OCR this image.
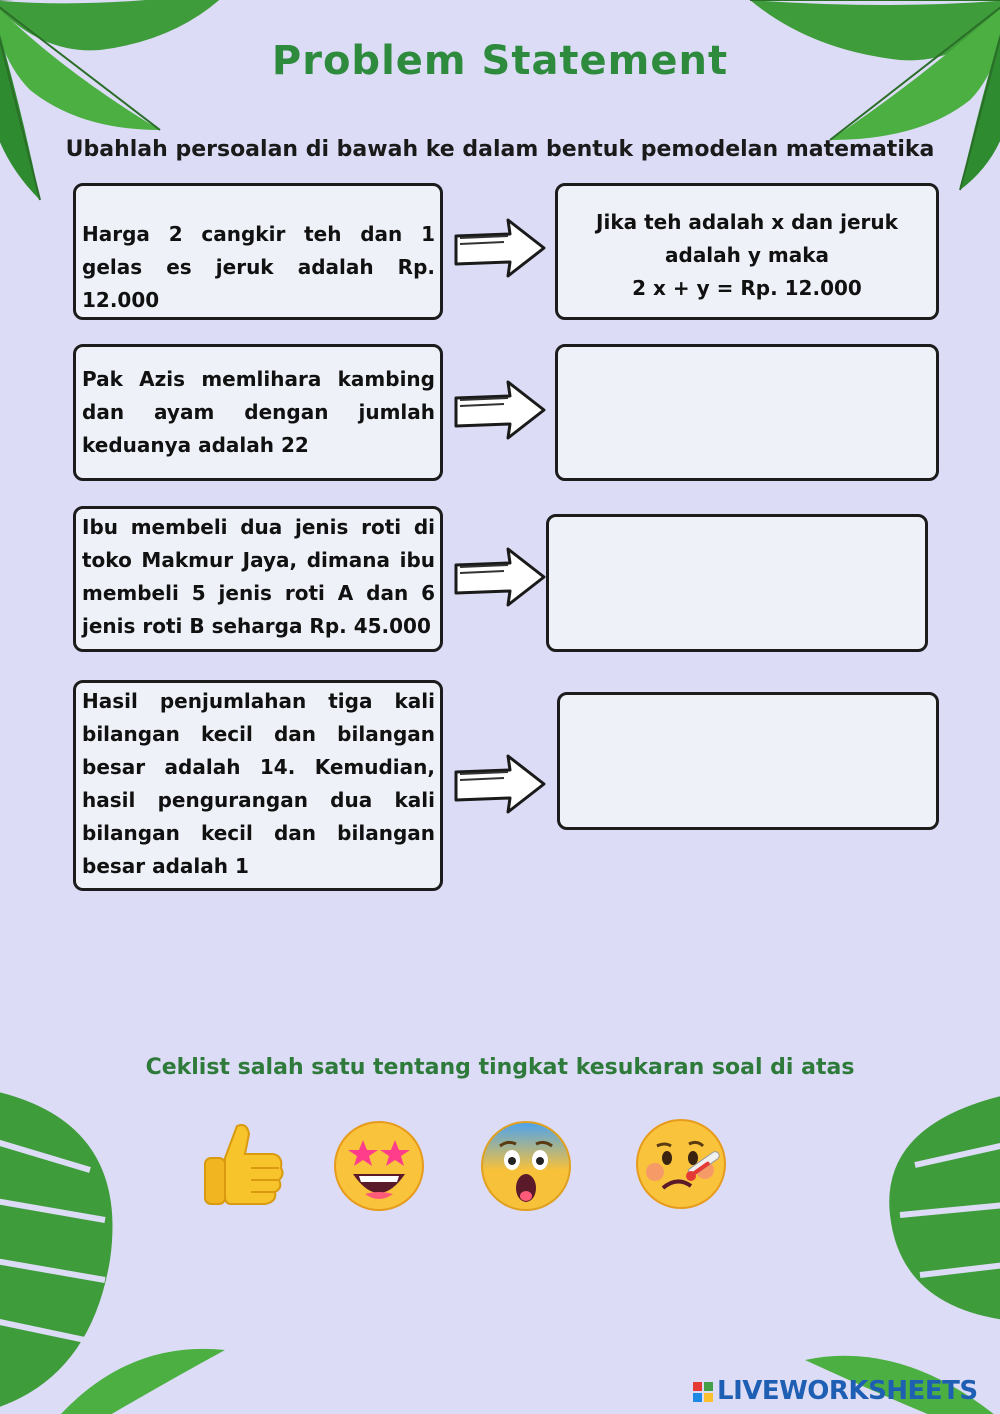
Problem Statement

Ubahlah persoalan di bawah ke dalam bentuk pemodelan matematika

Harga 2 cangkir teh dan 1 gelas es jeruk adalah Rp. 12.000

Jika teh adalah x dan jeruk
adalah y maka
2 x + y = Rp. 12.000

Pak Azis memlihara kambing dan ayam dengan jumlah keduanya adalah 22

Ibu membeli dua jenis roti di toko Makmur Jaya, dimana ibu membeli 5 jenis roti A dan 6 jenis roti B seharga Rp. 45.000

Hasil penjumlahan tiga kali bilangan kecil dan bilangan besar adalah 14. Kemudian, hasil pengurangan dua kali bilangan kecil dan bilangan besar adalah 1

Ceklist salah satu tentang tingkat kesukaran soal di atas

LIVEWORKSHEETS
